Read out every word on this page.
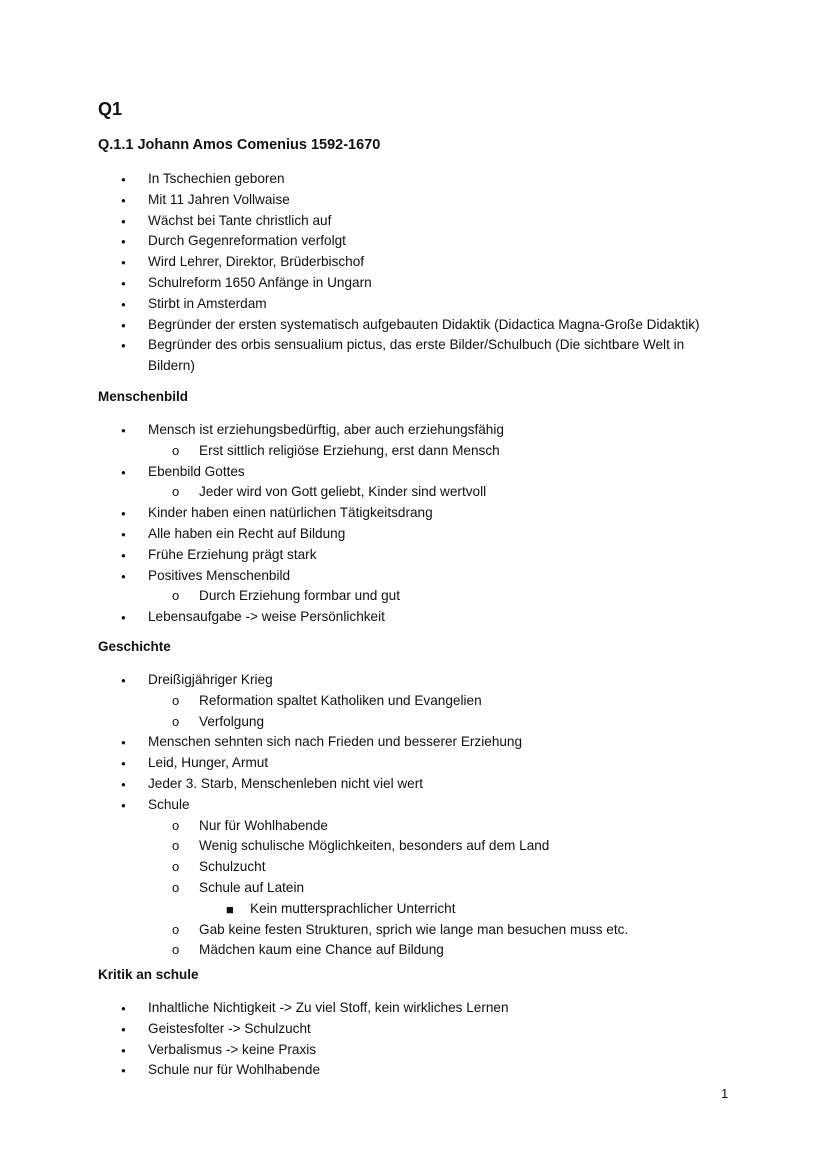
Q1
Q.1.1 Johann Amos Comenius 1592-1670
● In Tschechien geboren
● Mit 11 Jahren Vollwaise
● Wächst bei Tante christlich auf
● Durch Gegenreformation verfolgt
● Wird Lehrer, Direktor, Brüderbischof
● Schulreform 1650 Anfänge in Ungarn
● Stirbt in Amsterdam
● Begründer der ersten systematisch aufgebauten Didaktik (Didactica Magna-Große Didaktik)
● Begründer des orbis sensualium pictus, das erste Bilder/Schulbuch (Die sichtbare Welt in Bildern)
Menschenbild
● Mensch ist erziehungsbedürftig, aber auch erziehungsfähig
o Erst sittlich religiöse Erziehung, erst dann Mensch
● Ebenbild Gottes
o Jeder wird von Gott geliebt, Kinder sind wertvoll
● Kinder haben einen natürlichen Tätigkeitsdrang
● Alle haben ein Recht auf Bildung
● Frühe Erziehung prägt stark
● Positives Menschenbild
o Durch Erziehung formbar und gut
● Lebensaufgabe -> weise Persönlichkeit
Geschichte
● Dreißigjähriger Krieg
o Reformation spaltet Katholiken und Evangelien
o Verfolgung
● Menschen sehnten sich nach Frieden und besserer Erziehung
● Leid, Hunger, Armut
● Jeder 3. Starb, Menschenleben nicht viel wert
● Schule
o Nur für Wohlhabende
o Wenig schulische Möglichkeiten, besonders auf dem Land
o Schulzucht
o Schule auf Latein
■ Kein muttersprachlicher Unterricht
o Gab keine festen Strukturen, sprich wie lange man besuchen muss etc.
o Mädchen kaum eine Chance auf Bildung
Kritik an schule
● Inhaltliche Nichtigkeit -> Zu viel Stoff, kein wirkliches Lernen
● Geistesfolter -> Schulzucht
● Verbalismus -> keine Praxis
● Schule nur für Wohlhabende
1
